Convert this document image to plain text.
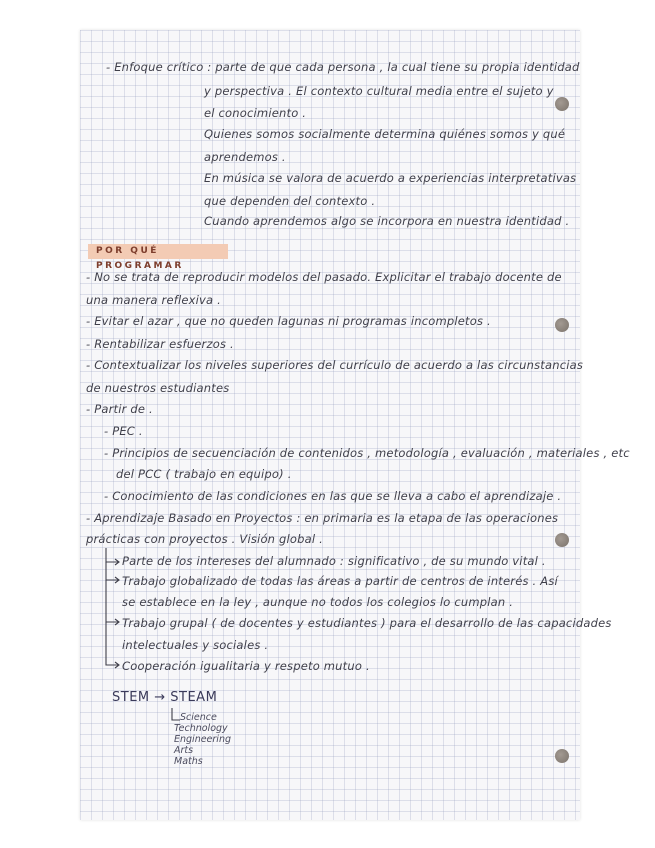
- Enfoque crítico : parte de que cada persona , la cual tiene su propia identidad
y perspectiva . El contexto cultural media entre el sujeto y
el conocimiento .
Quienes somos socialmente determina quiénes somos y qué
aprendemos .
En música se valora de acuerdo a experiencias interpretativas
que dependen del contexto .
Cuando aprendemos algo se incorpora en nuestra identidad .
POR QUÉ PROGRAMAR
- No se trata de reproducir modelos del pasado. Explicitar el trabajo docente de
una manera reflexiva .
- Evitar el azar , que no queden lagunas ni programas incompletos .
- Rentabilizar esfuerzos .
- Contextualizar los niveles superiores del currículo de acuerdo a las circunstancias
de nuestros estudiantes
- Partir de .
- PEC .
- Principios de secuenciación de contenidos , metodología , evaluación , materiales , etc
del PCC ( trabajo en equipo) .
- Conocimiento de las condiciones en las que se lleva a cabo el aprendizaje .
- Aprendizaje Basado en Proyectos : en primaria es la etapa de las operaciones
prácticas con proyectos . Visión global .
Parte de los intereses del alumnado : significativo , de su mundo vital .
Trabajo globalizado de todas las áreas a partir de centros de interés . Así
se establece en la ley , aunque no todos los colegios lo cumplan .
Trabajo grupal ( de docentes y estudiantes ) para el desarrollo de las capacidades
intelectuales y sociales .
Cooperación igualitaria y respeto mutuo .
STEM → STEAM
Science
Technology
Engineering
Arts
Maths
